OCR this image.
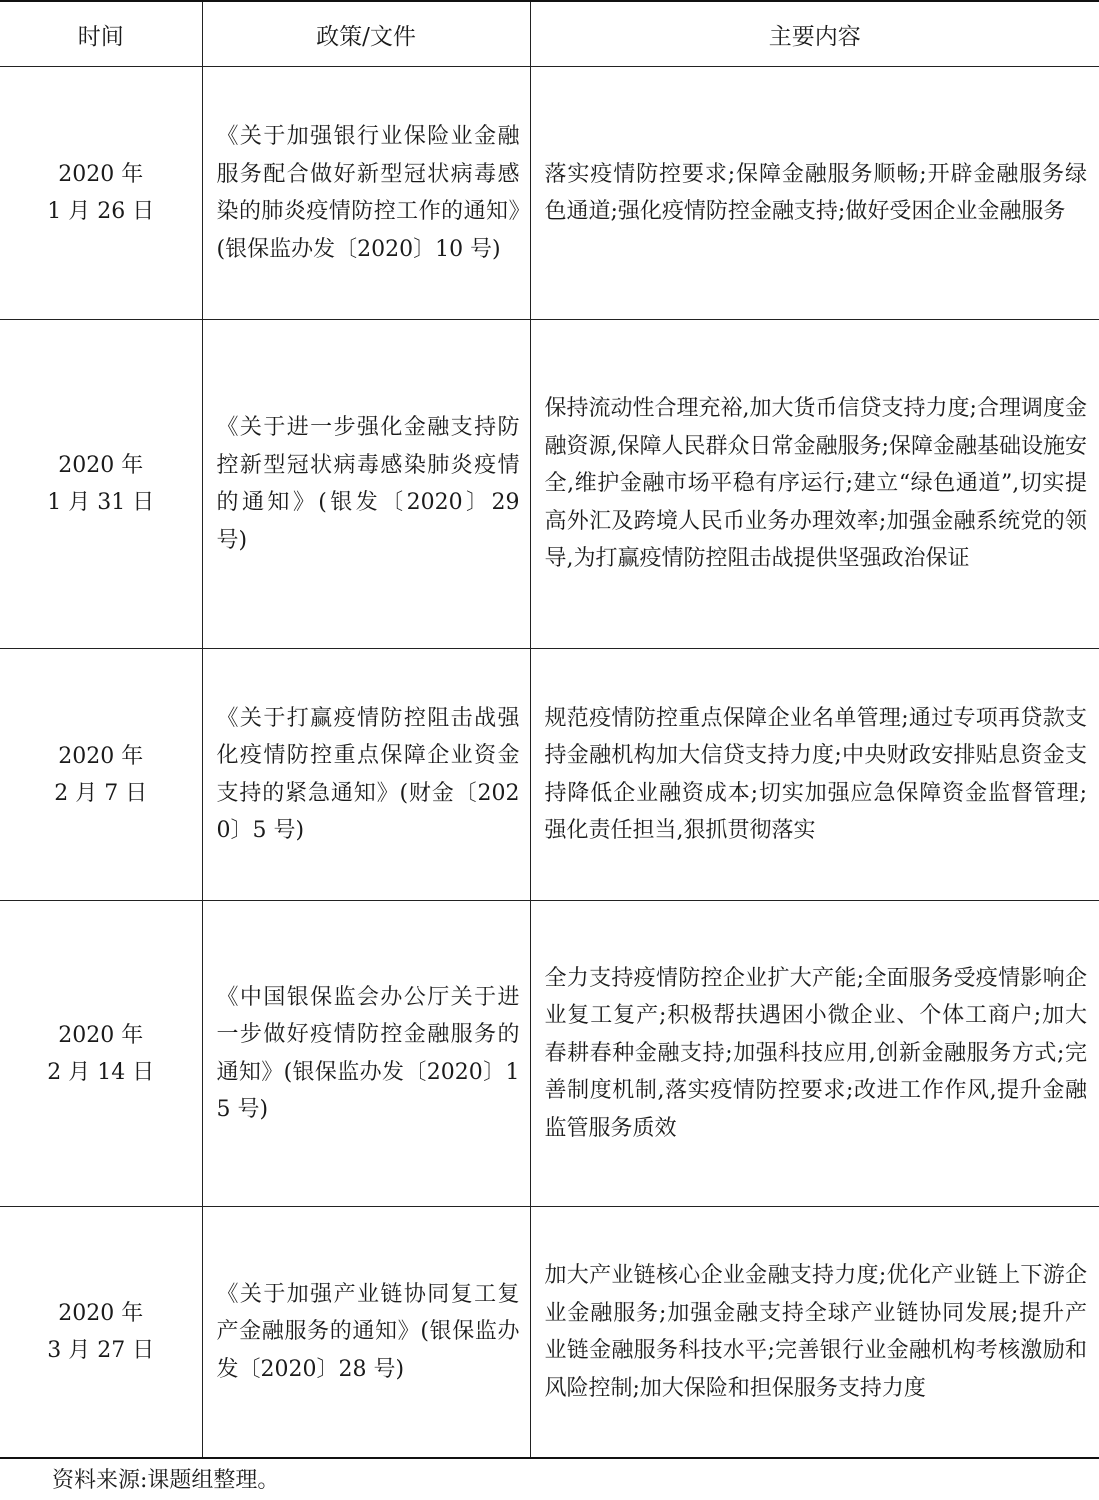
时间	政策/文件	主要内容

2020 年
1 月 26 日	《关于加强银行业保险业金融服务配合做好新型冠状病毒感染的肺炎疫情防控工作的通知》(银保监办发〔2020〕10 号)	落实疫情防控要求;保障金融服务顺畅;开辟金融服务绿色通道;强化疫情防控金融支持;做好受困企业金融服务

2020 年
1 月 31 日	《关于进一步强化金融支持防控新型冠状病毒感染肺炎疫情的通知》(银发〔2020〕29 号)	保持流动性合理充裕,加大货币信贷支持力度;合理调度金融资源,保障人民群众日常金融服务;保障金融基础设施安全,维护金融市场平稳有序运行;建立“绿色通道”,切实提高外汇及跨境人民币业务办理效率;加强金融系统党的领导,为打赢疫情防控阻击战提供坚强政治保证

2020 年
2 月 7 日	《关于打赢疫情防控阻击战强化疫情防控重点保障企业资金支持的紧急通知》(财金〔2020〕5 号)	规范疫情防控重点保障企业名单管理;通过专项再贷款支持金融机构加大信贷支持力度;中央财政安排贴息资金支持降低企业融资成本;切实加强应急保障资金监督管理;强化责任担当,狠抓贯彻落实

2020 年
2 月 14 日	《中国银保监会办公厅关于进一步做好疫情防控金融服务的通知》(银保监办发〔2020〕15 号)	全力支持疫情防控企业扩大产能;全面服务受疫情影响企业复工复产;积极帮扶遇困小微企业、个体工商户;加大春耕春种金融支持;加强科技应用,创新金融服务方式;完善制度机制,落实疫情防控要求;改进工作作风,提升金融监管服务质效

2020 年
3 月 27 日	《关于加强产业链协同复工复产金融服务的通知》(银保监办发〔2020〕28 号)	加大产业链核心企业金融支持力度;优化产业链上下游企业金融服务;加强金融支持全球产业链协同发展;提升产业链金融服务科技水平;完善银行业金融机构考核激励和风险控制;加大保险和担保服务支持力度
资料来源:课题组整理。
